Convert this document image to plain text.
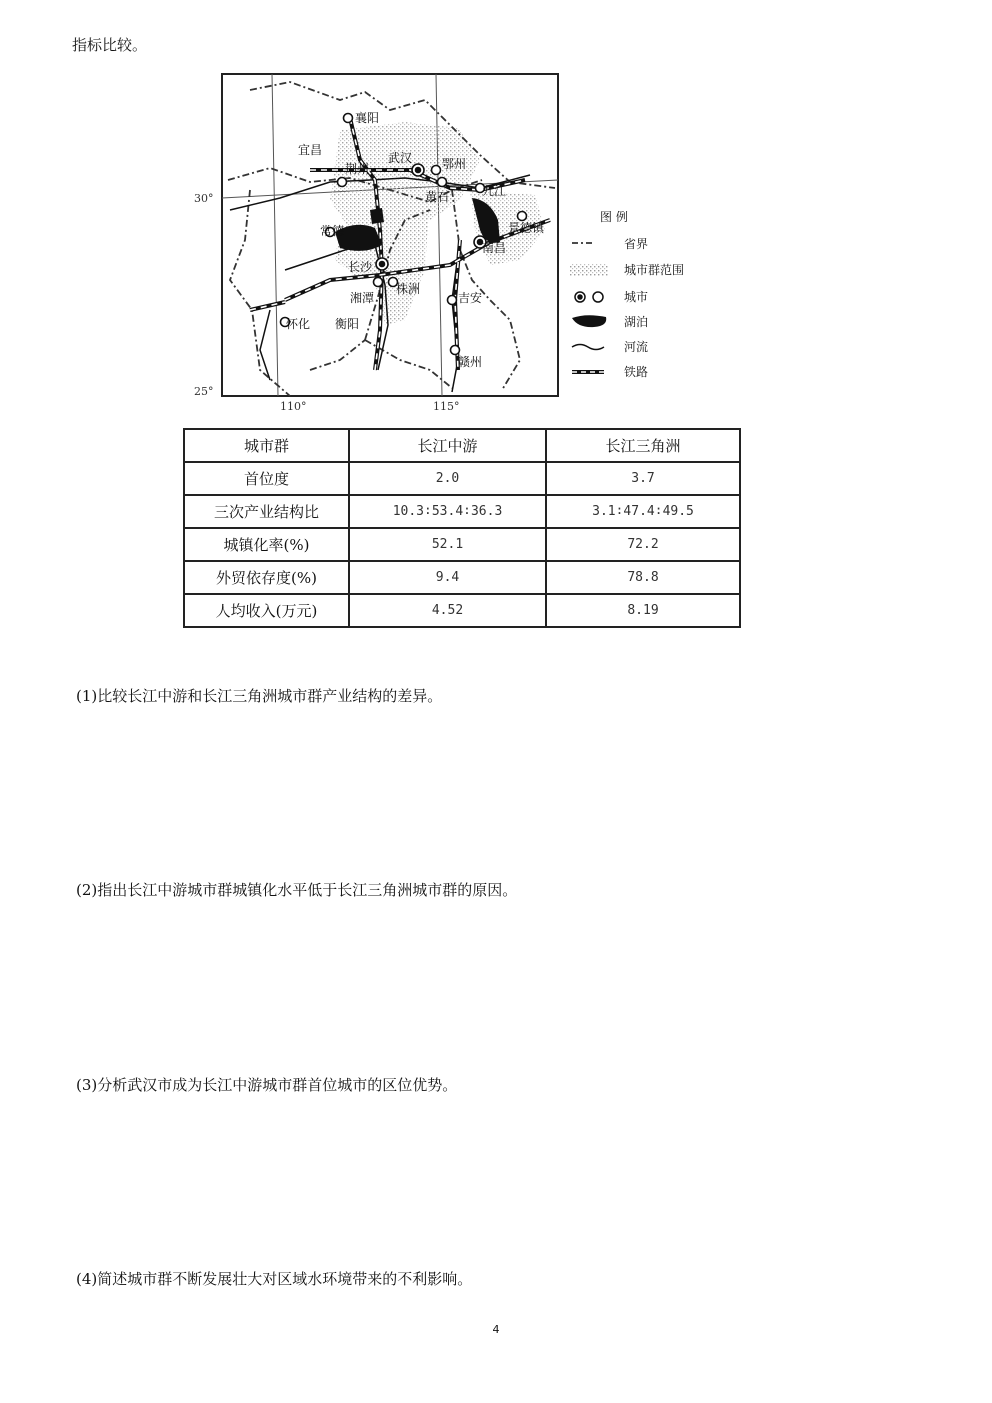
指标比较。
襄阳
宜昌
荆州
武汉 鄂州
黄石	九江
景德镇
南昌
常德
长沙
株洲
湘潭
衡阳
怀化
吉安
赣州
30°
25°
110°	115°
图 例
省界
城市群范围
城市
湖泊
河流
铁路
城市群	长江中游	长江三角洲
首位度	2.0	3.7
三次产业结构比	10.3∶53.4∶36.3	3.1∶47.4∶49.5
城镇化率(%)	52.1	72.2
外贸依存度(%)	9.4	78.8
人均收入(万元)	4.52	8.19
(1)比较长江中游和长江三角洲城市群产业结构的差异。
(2)指出长江中游城市群城镇化水平低于长江三角洲城市群的原因。
(3)分析武汉市成为长江中游城市群首位城市的区位优势。
(4)简述城市群不断发展壮大对区域水环境带来的不利影响。
4
